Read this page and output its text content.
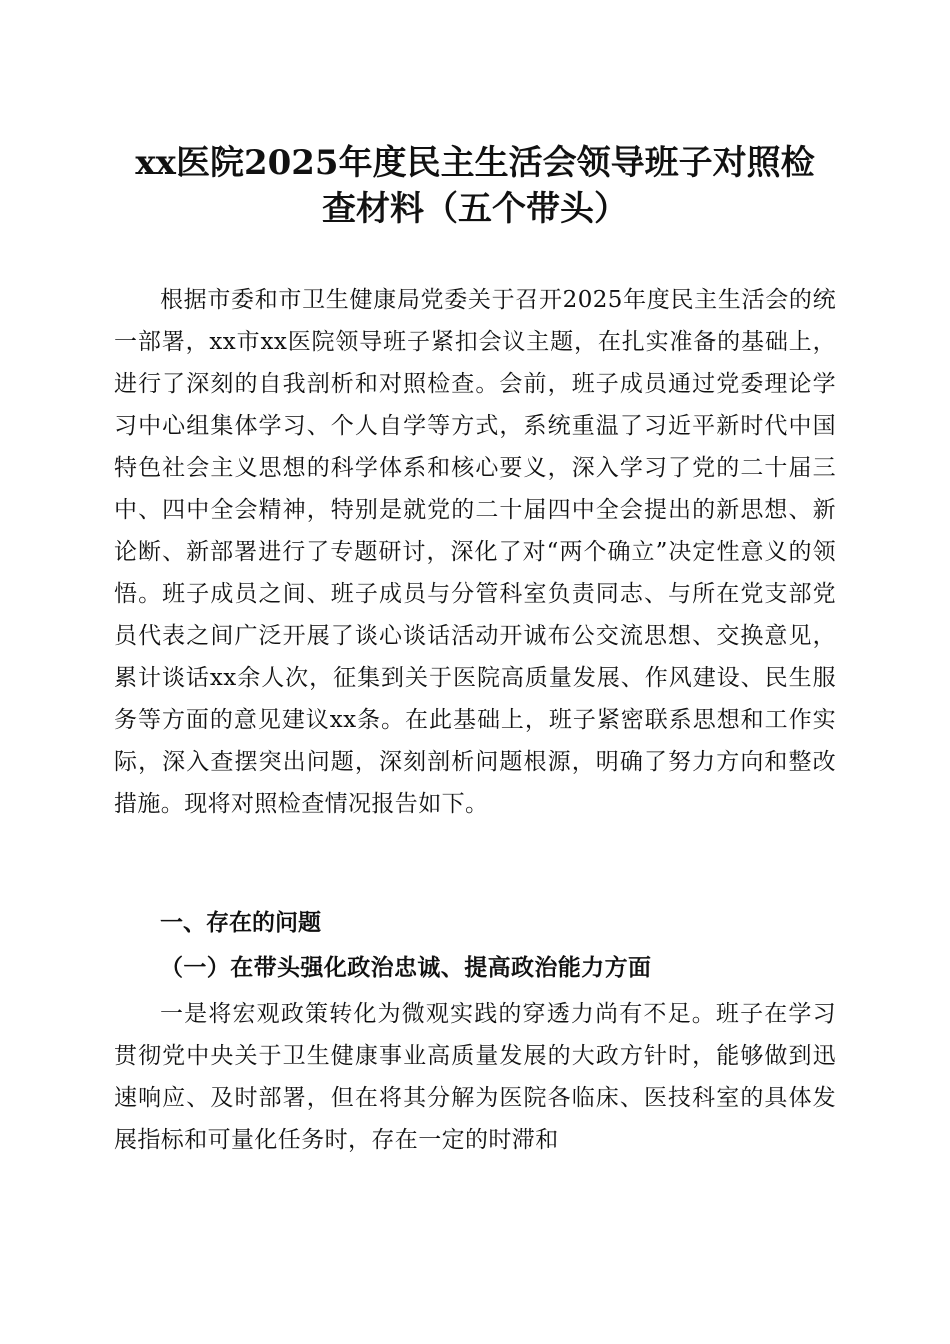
xx医院2025年度民主生活会领导班子对照检
查材料（五个带头）

根据市委和市卫生健康局党委关于召开2025年度民主生活会的统一部署，xx市xx医院领导班子紧扣会议主题，在扎实准备的基础上，进行了深刻的自我剖析和对照检查。会前，班子成员通过党委理论学习中心组集体学习、个人自学等方式，系统重温了习近平新时代中国特色社会主义思想的科学体系和核心要义，深入学习了党的二十届三中、四中全会精神，特别是就党的二十届四中全会提出的新思想、新论断、新部署进行了专题研讨，深化了对“两个确立”决定性意义的领悟。班子成员之间、班子成员与分管科室负责同志、与所在党支部党员代表之间广泛开展了谈心谈话活动开诚布公交流思想、交换意见，累计谈话xx余人次，征集到关于医院高质量发展、作风建设、民生服务等方面的意见建议xx条。在此基础上，班子紧密联系思想和工作实际，深入查摆突出问题，深刻剖析问题根源，明确了努力方向和整改措施。现将对照检查情况报告如下。

一、存在的问题
（一）在带头强化政治忠诚、提高政治能力方面

一是将宏观政策转化为微观实践的穿透力尚有不足。班子在学习贯彻党中央关于卫生健康事业高质量发展的大政方针时，能够做到迅速响应、及时部署，但在将其分解为医院各临床、医技科室的具体发展指标和可量化任务时，存在一定的时滞和
